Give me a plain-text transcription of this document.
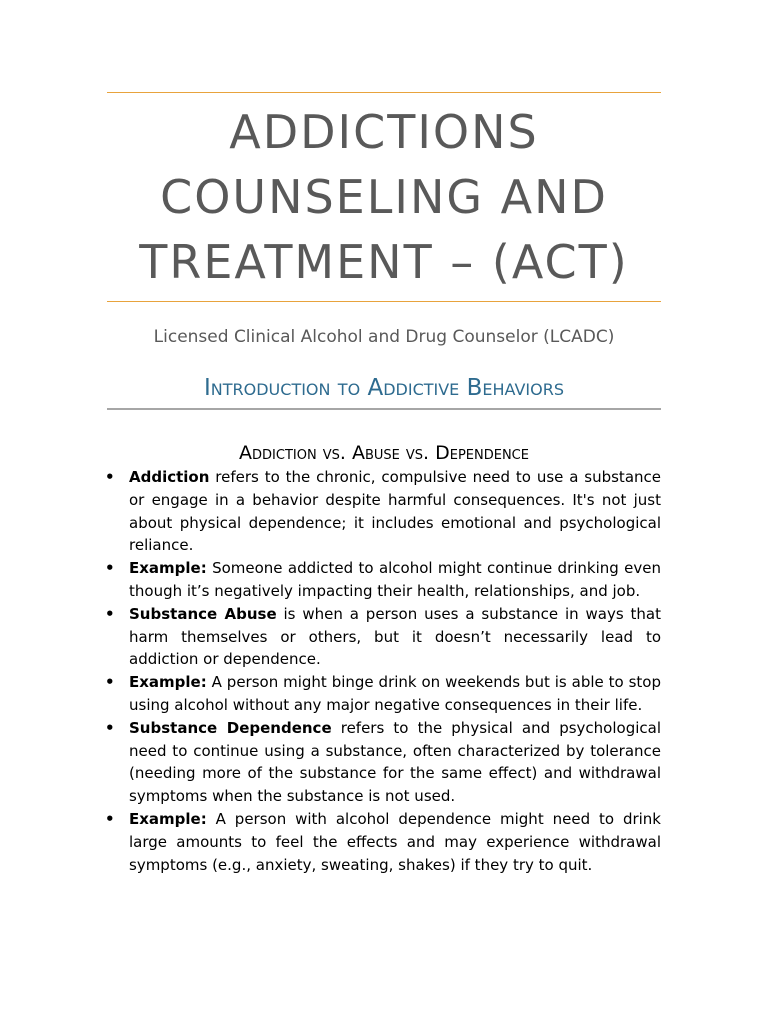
ADDICTIONS COUNSELING AND TREATMENT – (ACT)

Licensed Clinical Alcohol and Drug Counselor (LCADC)

Introduction to Addictive Behaviors
Addiction vs. Abuse vs. Dependence
• Addiction refers to the chronic, compulsive need to use a substance or engage in a behavior despite harmful consequences. It's not just about physical dependence; it includes emotional and psychological reliance.
• Example: Someone addicted to alcohol might continue drinking even though it’s negatively impacting their health, relationships, and job.
• Substance Abuse is when a person uses a substance in ways that harm themselves or others, but it doesn’t necessarily lead to addiction or dependence.
• Example: A person might binge drink on weekends but is able to stop using alcohol without any major negative consequences in their life.
• Substance Dependence refers to the physical and psychological need to continue using a substance, often characterized by tolerance (needing more of the substance for the same effect) and withdrawal symptoms when the substance is not used.
• Example: A person with alcohol dependence might need to drink large amounts to feel the effects and may experience withdrawal symptoms (e.g., anxiety, sweating, shakes) if they try to quit.
